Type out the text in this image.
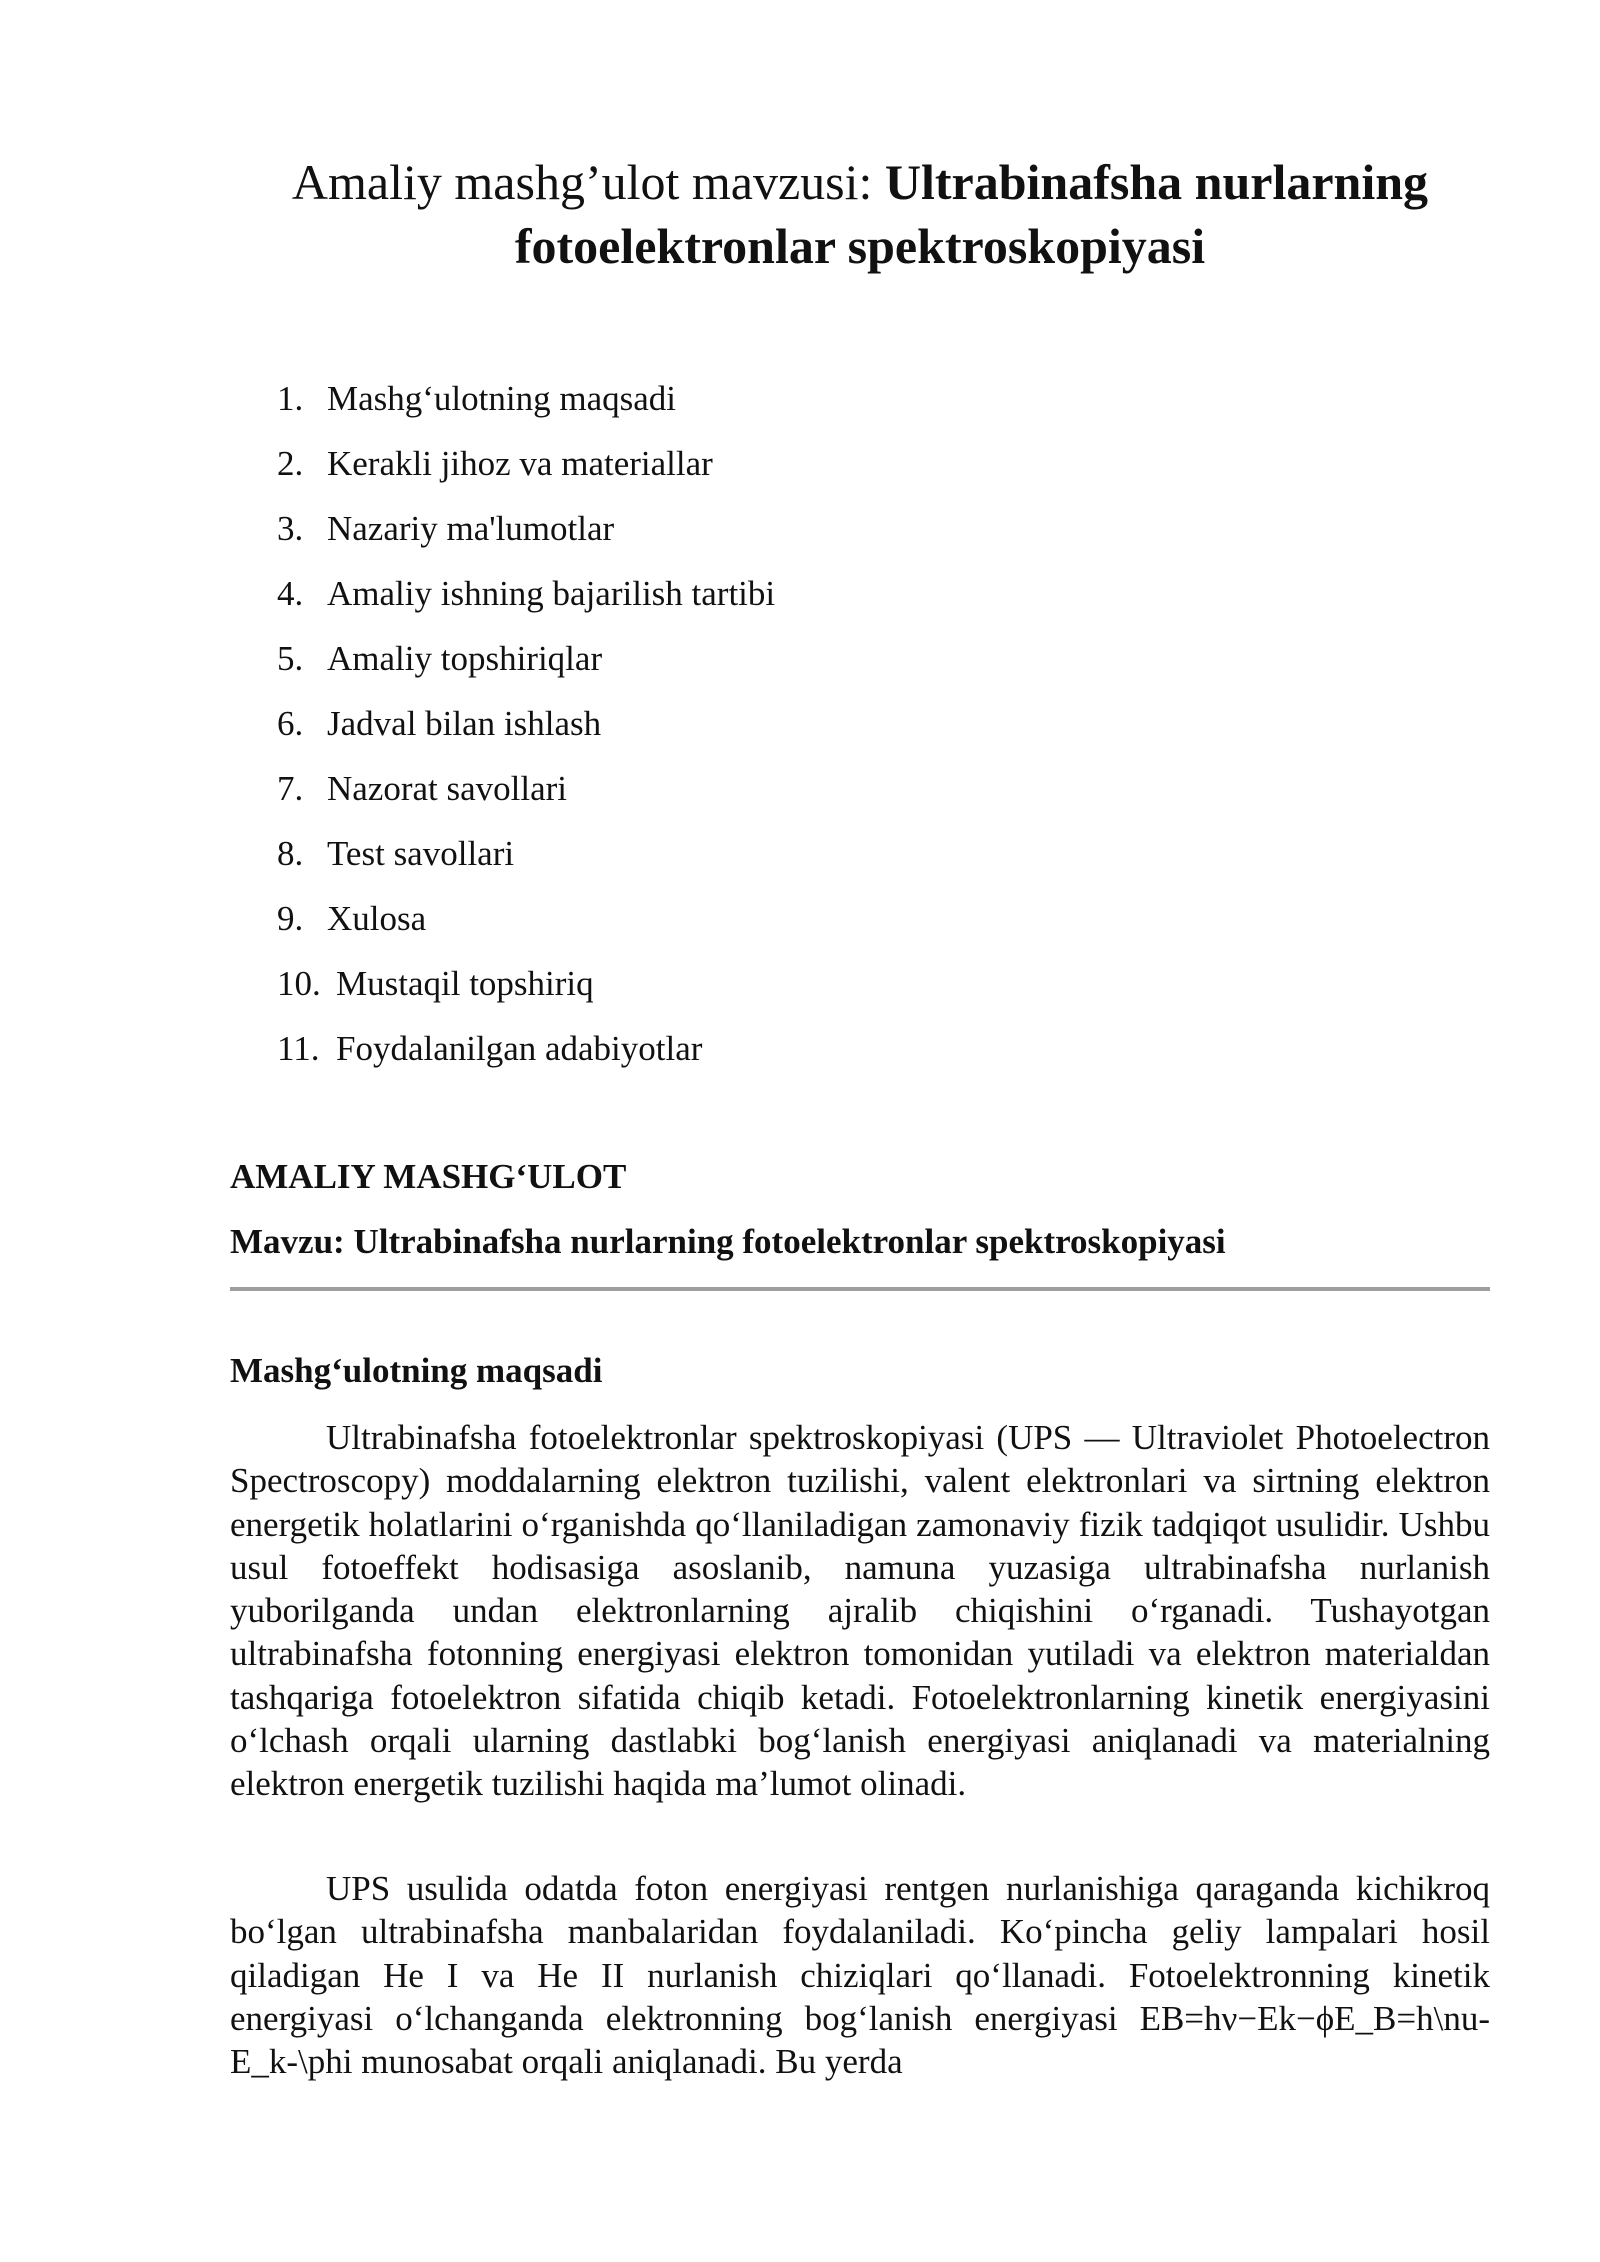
Amaliy mashg’ulot mavzusi: Ultrabinafsha nurlarning fotoelektronlar spektroskopiyasi
1. Mashg‘ulotning maqsadi
2. Kerakli jihoz va materiallar
3. Nazariy ma'lumotlar
4. Amaliy ishning bajarilish tartibi
5. Amaliy topshiriqlar
6. Jadval bilan ishlash
7. Nazorat savollari
8. Test savollari
9. Xulosa
10. Mustaqil topshiriq
11. Foydalanilgan adabiyotlar
AMALIY MASHG‘ULOT
Mavzu: Ultrabinafsha nurlarning fotoelektronlar spektroskopiyasi
Mashg‘ulotning maqsadi

Ultrabinafsha fotoelektronlar spektroskopiyasi (UPS — Ultraviolet Photoelectron Spectroscopy) moddalarning elektron tuzilishi, valent elektronlari va sirtning elektron energetik holatlarini o‘rganishda qo‘llaniladigan zamonaviy fizik tadqiqot usulidir. Ushbu usul fotoeffekt hodisasiga asoslanib, namuna yuzasiga ultrabinafsha nurlanish yuborilganda undan elektronlarning ajralib chiqishini o‘rganadi. Tushayotgan ultrabinafsha fotonning energiyasi elektron tomonidan yutiladi va elektron materialdan tashqariga fotoelektron sifatida chiqib ketadi. Fotoelektronlarning kinetik energiyasini o‘lchash orqali ularning dastlabki bog‘lanish energiyasi aniqlanadi va materialning elektron energetik tuzilishi haqida ma’lumot olinadi.

UPS usulida odatda foton energiyasi rentgen nurlanishiga qaraganda kichikroq bo‘lgan ultrabinafsha manbalaridan foydalaniladi. Ko‘pincha geliy lampalari hosil qiladigan He I va He II nurlanish chiziqlari qo‘llanadi. Fotoelektronning kinetik energiyasi o‘lchanganda elektronning bog‘lanish energiyasi EB=hν−Ek−ϕE_B=h\nu-E_k-\phi munosabat orqali aniqlanadi. Bu yerda
